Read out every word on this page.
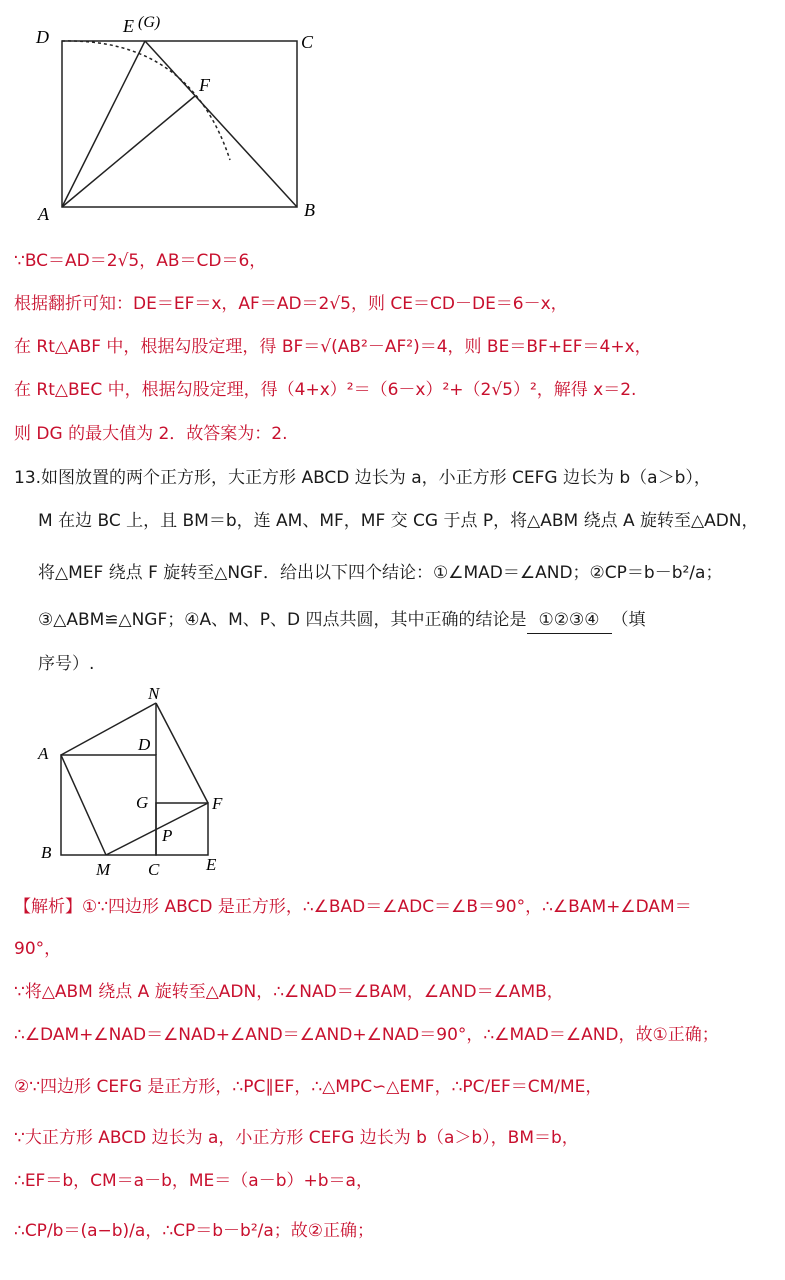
D
E (G)
C
F
A	B
∵BC＝AD＝2√5，AB＝CD＝6，
根据翻折可知：DE＝EF＝x，AF＝AD＝2√5，则 CE＝CD－DE＝6－x，
在 Rt△ABF 中，根据勾股定理，得 BF＝√(AB²－AF²)＝4，则 BE＝BF+EF＝4+x，
在 Rt△BEC 中，根据勾股定理，得（4+x）²＝（6－x）²+（2√5）²，解得 x＝2.
则 DG 的最大值为 2．故答案为：2.
13.如图放置的两个正方形，大正方形 ABCD 边长为 a，小正方形 CEFG 边长为 b（a＞b），
M 在边 BC 上，且 BM＝b，连 AM、MF，MF 交 CG 于点 P，将△ABM 绕点 A 旋转至△ADN，
将△MEF 绕点 F 旋转至△NGF．给出以下四个结论：①∠MAD＝∠AND；②CP＝b－b²/a；
③△ABM≌△NGF；④A、M、P、D 四点共圆，其中正确的结论是 ①②③④ （填
序号）.
N
A	D
G	F
P
B
M C	E
【解析】①∵四边形 ABCD 是正方形，∴∠BAD＝∠ADC＝∠B＝90°，∴∠BAM+∠DAM＝
90°，
∵将△ABM 绕点 A 旋转至△ADN，∴∠NAD＝∠BAM，∠AND＝∠AMB，
∴∠DAM+∠NAD＝∠NAD+∠AND＝∠AND+∠NAD＝90°，∴∠MAD＝∠AND，故①正确；
②∵四边形 CEFG 是正方形，∴PC∥EF，∴△MPC∽△EMF，∴PC/EF＝CM/ME，
∵大正方形 ABCD 边长为 a，小正方形 CEFG 边长为 b（a＞b），BM＝b，
∴EF＝b，CM＝a－b，ME＝（a－b）+b＝a，
∴CP/b＝(a−b)/a，∴CP＝b－b²/a；故②正确；
